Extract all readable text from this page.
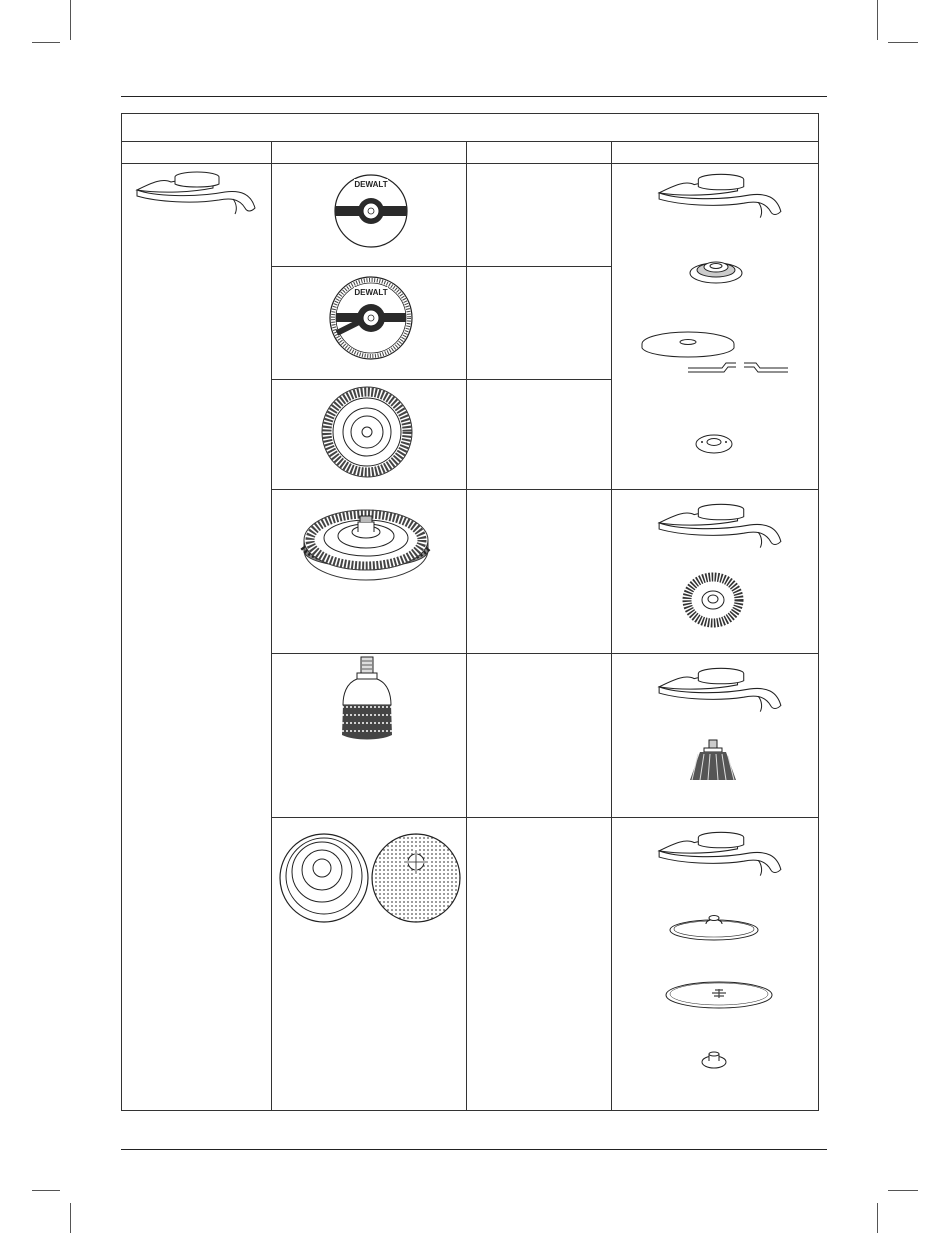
DEWALT
DEWALT
